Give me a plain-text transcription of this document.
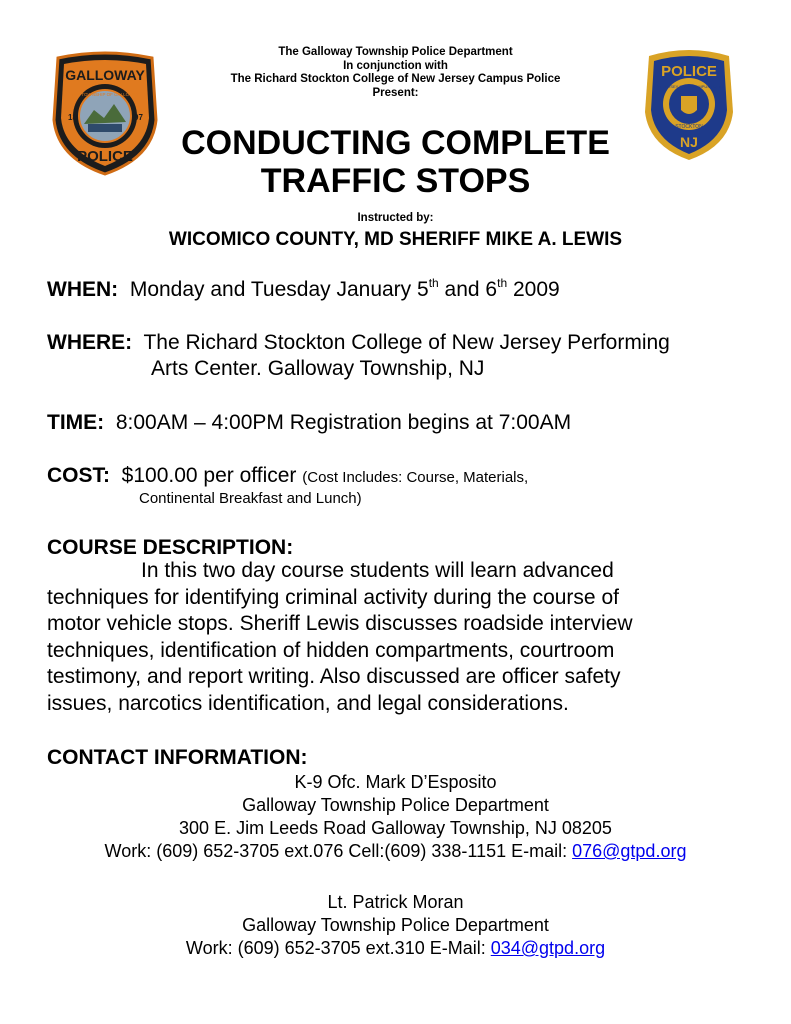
GALLOWAY
18	97
THE TOWNSHIP OF GALLOWAY
POLICE
POLICE
NEW JERSEY STATE CAMPUS POLICE
STOCKTON
NJ
The Galloway Township Police Department
In conjunction with
The Richard Stockton College of New Jersey Campus Police
Present:
CONDUCTING COMPLETE
TRAFFIC STOPS
Instructed by:
WICOMICO COUNTY, MD SHERIFF MIKE A. LEWIS
WHEN: Monday and Tuesday January 5th and 6th 2009
WHERE: The Richard Stockton College of New Jersey Performing
Arts Center. Galloway Township, NJ
TIME: 8:00AM – 4:00PM Registration begins at 7:00AM
COST: $100.00 per officer (Cost Includes: Course, Materials,
Continental Breakfast and Lunch)
COURSE DESCRIPTION:
In this two day course students will learn advanced
techniques for identifying criminal activity during the course of
motor vehicle stops. Sheriff Lewis discusses roadside interview
techniques, identification of hidden compartments, courtroom
testimony, and report writing. Also discussed are officer safety
issues, narcotics identification, and legal considerations.
CONTACT INFORMATION:
K-9 Ofc. Mark D’Esposito
Galloway Township Police Department
300 E. Jim Leeds Road Galloway Township, NJ 08205
Work: (609) 652-3705 ext.076 Cell:(609) 338-1151 E-mail: 076@gtpd.org
Lt. Patrick Moran
Galloway Township Police Department
Work: (609) 652-3705 ext.310 E-Mail: 034@gtpd.org
